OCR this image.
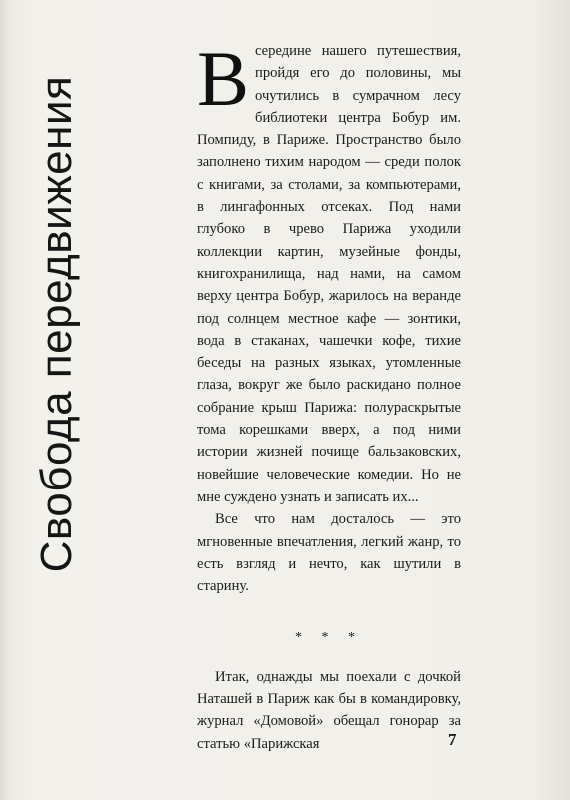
Свобода передвижения Всередине нашего путешествия, пройдя его до половины, мы очутились в сумрачном лесу библиотеки центра Бобур им. Помпиду, в Париже. Пространство было заполнено тихим народом — среди полок с книгами, за столами, за компьютерами, в лингафонных отсеках. Под нами глубоко в чрево Парижа уходили коллекции картин, музейные фонды, книгохранилища, над нами, на самом верху центра Бобур, жарилось на веранде под солнцем местное кафе — зонтики, вода в стаканах, чашечки кофе, тихие беседы на разных языках, утомленные глаза, вокруг же было раскидано полное собрание крыш Парижа: полураскрытые тома корешками вверх, а под ними истории жизней почище бальзаковских, новейшие человеческие комедии. Но не мне суждено узнать и записать их...

Все что нам досталось — это мгновенные впечатления, легкий жанр, то есть взгляд и нечто, как шутили в старину.

* * *

Итак, однажды мы поехали с дочкой Наташей в Париж как бы в командировку, журнал «Домовой» обещал гонорар за статью «Парижская	7
